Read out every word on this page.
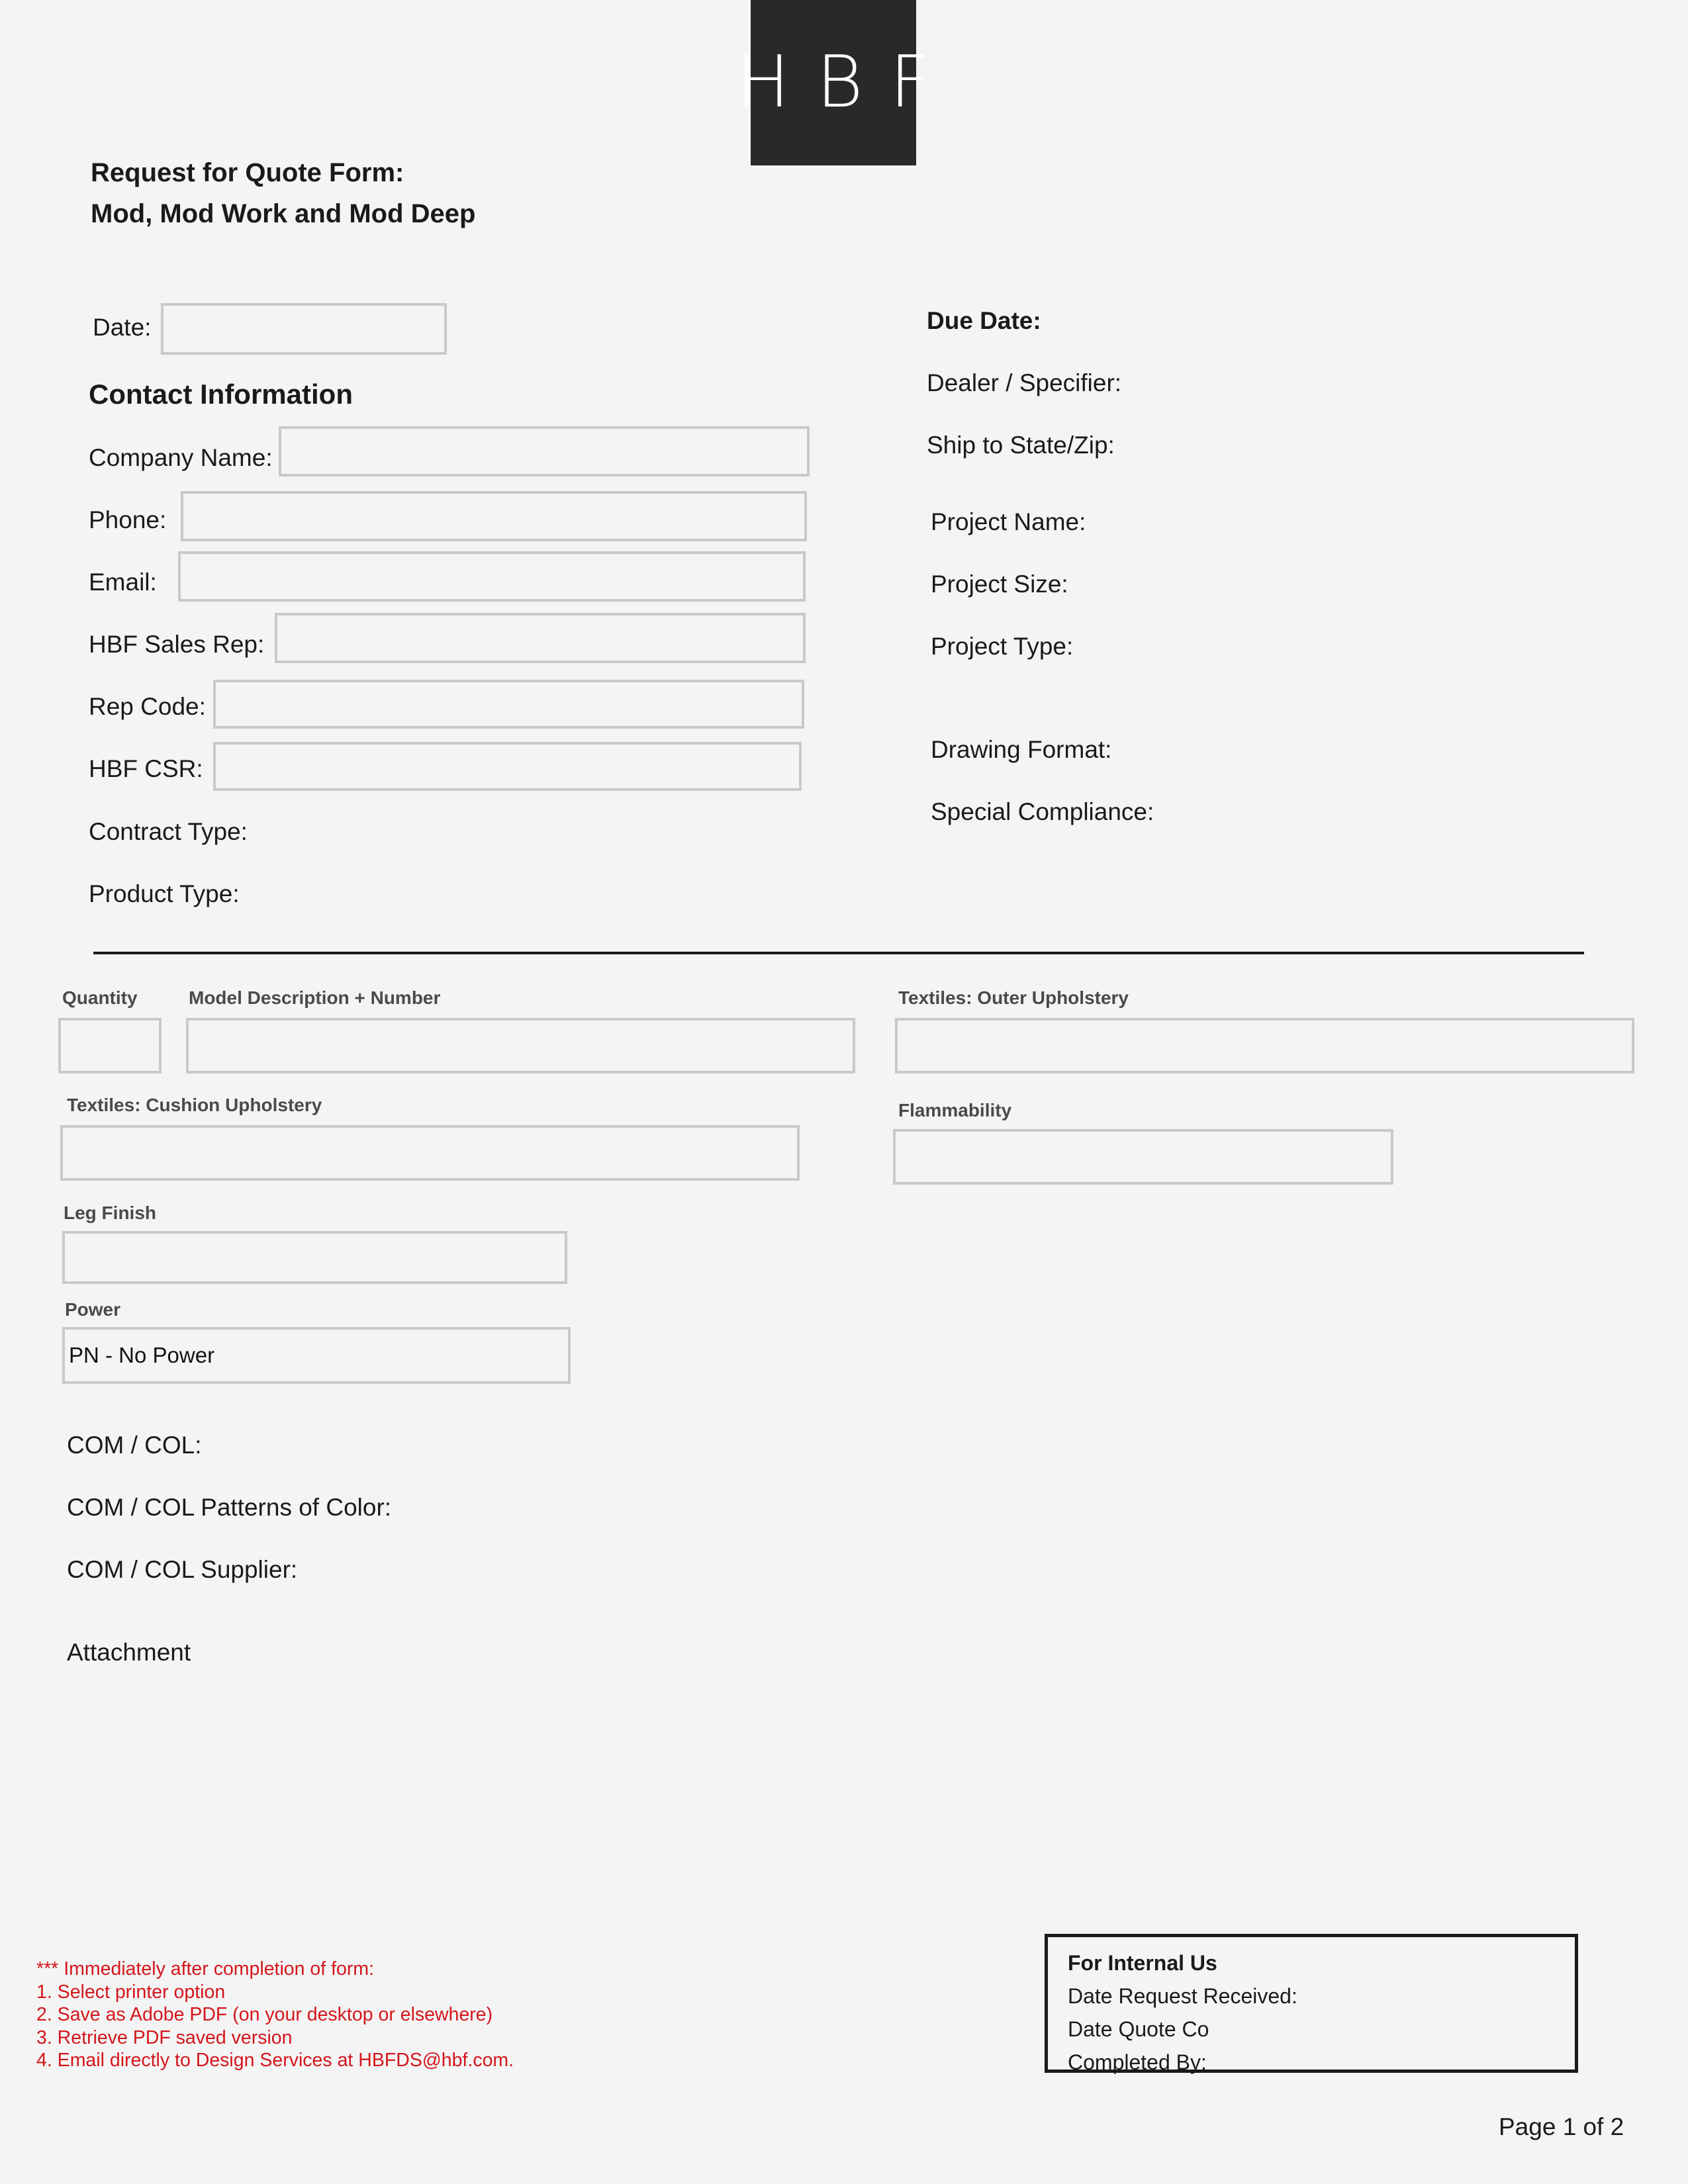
HBF
Request for Quote Form:
Mod, Mod Work and Mod Deep
Date:
Contact Information
Company Name:
Phone:
Email:
HBF Sales Rep:
Rep Code:
HBF CSR:
Contract Type:
Product Type:
Due Date:
Dealer / Specifier:
Ship to State/Zip:
Project Name:
Project Size:
Project Type:
Drawing Format:
Special Compliance:
Quantity	Model Description + Number	Textiles: Outer Upholstery
Textiles: Cushion Upholstery	Flammability
Leg Finish
Power
PN - No Power
COM / COL:
COM / COL Patterns of Color:
COM / COL Supplier:
Attachment
*** Immediately after completion of form:
1. Select printer option
2. Save as Adobe PDF (on your desktop or elsewhere)
3. Retrieve PDF saved version
4. Email directly to Design Services at HBFDS@hbf.com.
For Internal Us
Date Request Received:
Date Quote Co
Completed By:
Page 1 of 2
